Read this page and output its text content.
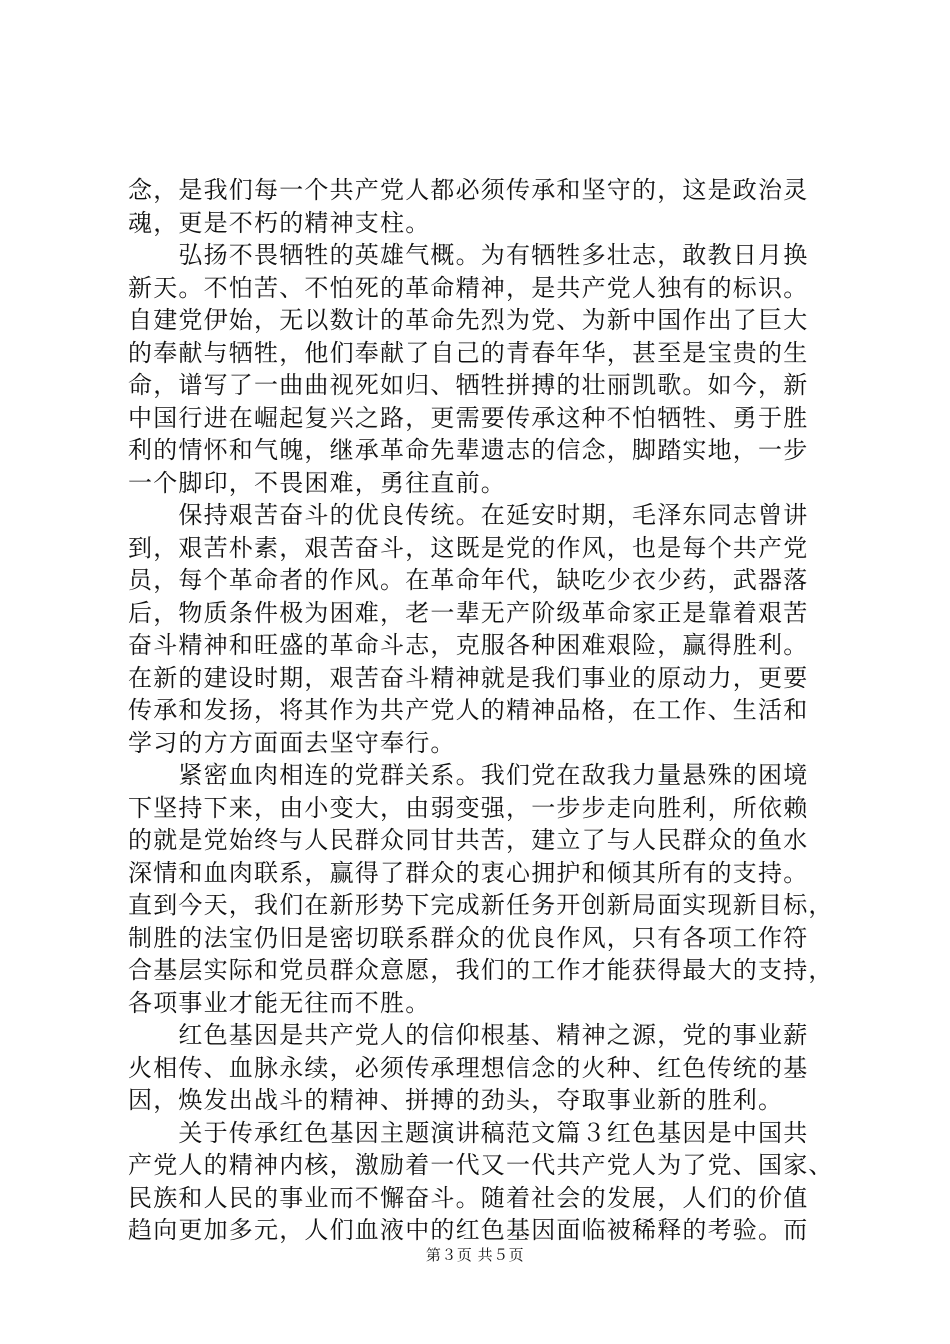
念，是我们每一个共产党人都必须传承和坚守的，这是政治灵
魂，更是不朽的精神支柱。
　　弘扬不畏牺牲的英雄气概。为有牺牲多壮志，敢教日月换
新天。不怕苦、不怕死的革命精神，是共产党人独有的标识。
自建党伊始，无以数计的革命先烈为党、为新中国作出了巨大
的奉献与牺牲，他们奉献了自己的青春年华，甚至是宝贵的生
命，谱写了一曲曲视死如归、牺牲拼搏的壮丽凯歌。如今，新
中国行进在崛起复兴之路，更需要传承这种不怕牺牲、勇于胜
利的情怀和气魄，继承革命先辈遗志的信念，脚踏实地，一步
一个脚印，不畏困难，勇往直前。
　　保持艰苦奋斗的优良传统。在延安时期，毛泽东同志曾讲
到，艰苦朴素，艰苦奋斗，这既是党的作风，也是每个共产党
员，每个革命者的作风。在革命年代，缺吃少衣少药，武器落
后，物质条件极为困难，老一辈无产阶级革命家正是靠着艰苦
奋斗精神和旺盛的革命斗志，克服各种困难艰险，赢得胜利。
在新的建设时期，艰苦奋斗精神就是我们事业的原动力，更要
传承和发扬，将其作为共产党人的精神品格，在工作、生活和
学习的方方面面去坚守奉行。
　　紧密血肉相连的党群关系。我们党在敌我力量悬殊的困境
下坚持下来，由小变大，由弱变强，一步步走向胜利，所依赖
的就是党始终与人民群众同甘共苦，建立了与人民群众的鱼水
深情和血肉联系，赢得了群众的衷心拥护和倾其所有的支持。
直到今天，我们在新形势下完成新任务开创新局面实现新目标，
制胜的法宝仍旧是密切联系群众的优良作风，只有各项工作符
合基层实际和党员群众意愿，我们的工作才能获得最大的支持，
各项事业才能无往而不胜。
　　红色基因是共产党人的信仰根基、精神之源，党的事业薪
火相传、血脉永续，必须传承理想信念的火种、红色传统的基
因，焕发出战斗的精神、拼搏的劲头，夺取事业新的胜利。
　　关于传承红色基因主题演讲稿范文篇３红色基因是中国共
产党人的精神内核，激励着一代又一代共产党人为了党、国家、
民族和人民的事业而不懈奋斗。随着社会的发展，人们的价值
趋向更加多元，人们血液中的红色基因面临被稀释的考验。而
第３页 共５页
